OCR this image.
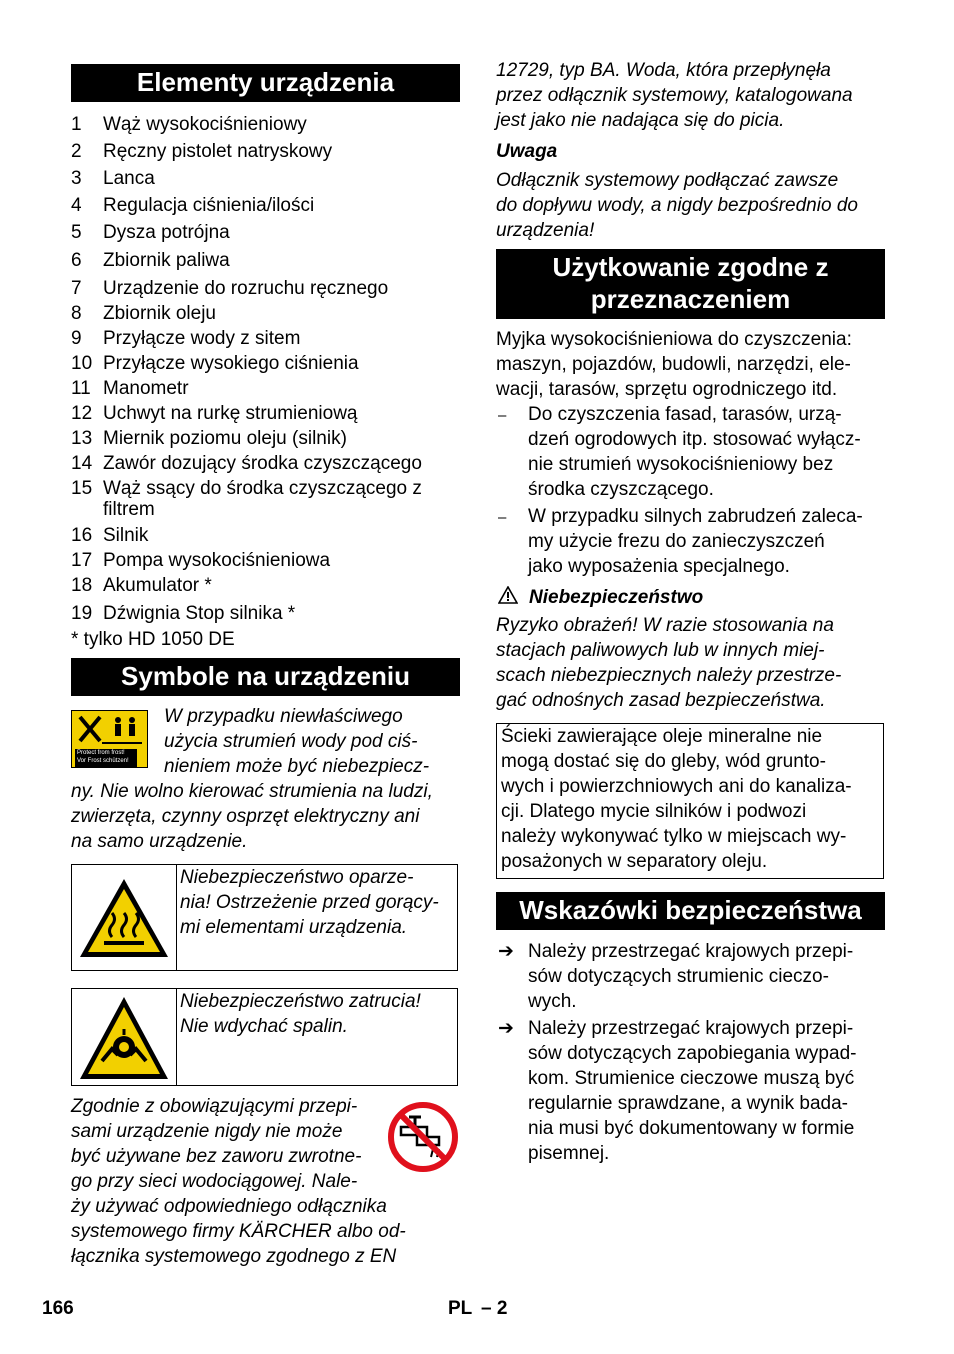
Elementy urządzenia
1 Wąż wysokociśnieniowy
2 Ręczny pistolet natryskowy
3 Lanca
4 Regulacja ciśnienia/ilości
5 Dysza potrójna
6 Zbiornik paliwa
7 Urządzenie do rozruchu ręcznego
8 Zbiornik oleju
9 Przyłącze wody z sitem
10 Przyłącze wysokiego ciśnienia
11 Manometr
12 Uchwyt na rurkę strumieniową
13 Miernik poziomu oleju (silnik)
14 Zawór dozujący środka czyszczącego
15 Wąż ssący do środka czyszczącego z filtrem
16 Silnik
17 Pompa wysokociśnieniowa
18 Akumulator *
19 Dźwignia Stop silnika *
* tylko HD 1050 DE
Symbole na urządzeniu
Protect from frost!
Vor Frost schützen!
W przypadku niewłaściwego
użycia strumień wody pod ciś-
nieniem może być niebezpiecz-
ny. Nie wolno kierować strumienia na ludzi,
zwierzęta, czynny osprzęt elektryczny ani
na samo urządzenie.
Niebezpieczeństwo oparze-
nia! Ostrzeżenie przed gorący-
mi elementami urządzenia.
Niebezpieczeństwo zatrucia!
Nie wdychać spalin.
Zgodnie z obowiązującymi przepi-
sami urządzenie nigdy nie może
być używane bez zaworu zwrotne-
go przy sieci wodociągowej. Nale-
ży używać odpowiedniego odłącznika
systemowego firmy KÄRCHER albo od-
łącznika systemowego zgodnego z EN
12729, typ BA. Woda, która przepłynęła
przez odłącznik systemowy, katalogowana
jest jako nie nadająca się do picia.
Uwaga
Odłącznik systemowy podłączać zawsze
do dopływu wody, a nigdy bezpośrednio do
urządzenia!
Użytkowanie zgodne z
przeznaczeniem
Myjka wysokociśnieniowa do czyszczenia:
maszyn, pojazdów, budowli, narzędzi, ele-
wacji, tarasów, sprzętu ogrodniczego itd.
– Do czyszczenia fasad, tarasów, urzą-
dzeń ogrodowych itp. stosować wyłącz-
nie strumień wysokociśnieniowy bez
środka czyszczącego.
– W przypadku silnych zabrudzeń zaleca-
my użycie frezu do zanieczyszczeń
jako wyposażenia specjalnego.
Niebezpieczeństwo
Ryzyko obrażeń! W razie stosowania na
stacjach paliwowych lub w innych miej-
scach niebezpiecznych należy przestrze-
gać odnośnych zasad bezpieczeństwa.
Ścieki zawierające oleje mineralne nie
mogą dostać się do gleby, wód grunto-
wych i powierzchniowych ani do kanaliza-
cji. Dlatego mycie silników i podwozi
należy wykonywać tylko w miejscach wy-
posażonych w separatory oleju.
Wskazówki bezpieczeństwa
➔ Należy przestrzegać krajowych przepi-
sów dotyczących strumienic cieczo-
wych.
➔ Należy przestrzegać krajowych przepi-
sów dotyczących zapobiegania wypad-
kom. Strumienice cieczowe muszą być
regularnie sprawdzane, a wynik bada-
nia musi być dokumentowany w formie
pisemnej.
166	PL – 2
